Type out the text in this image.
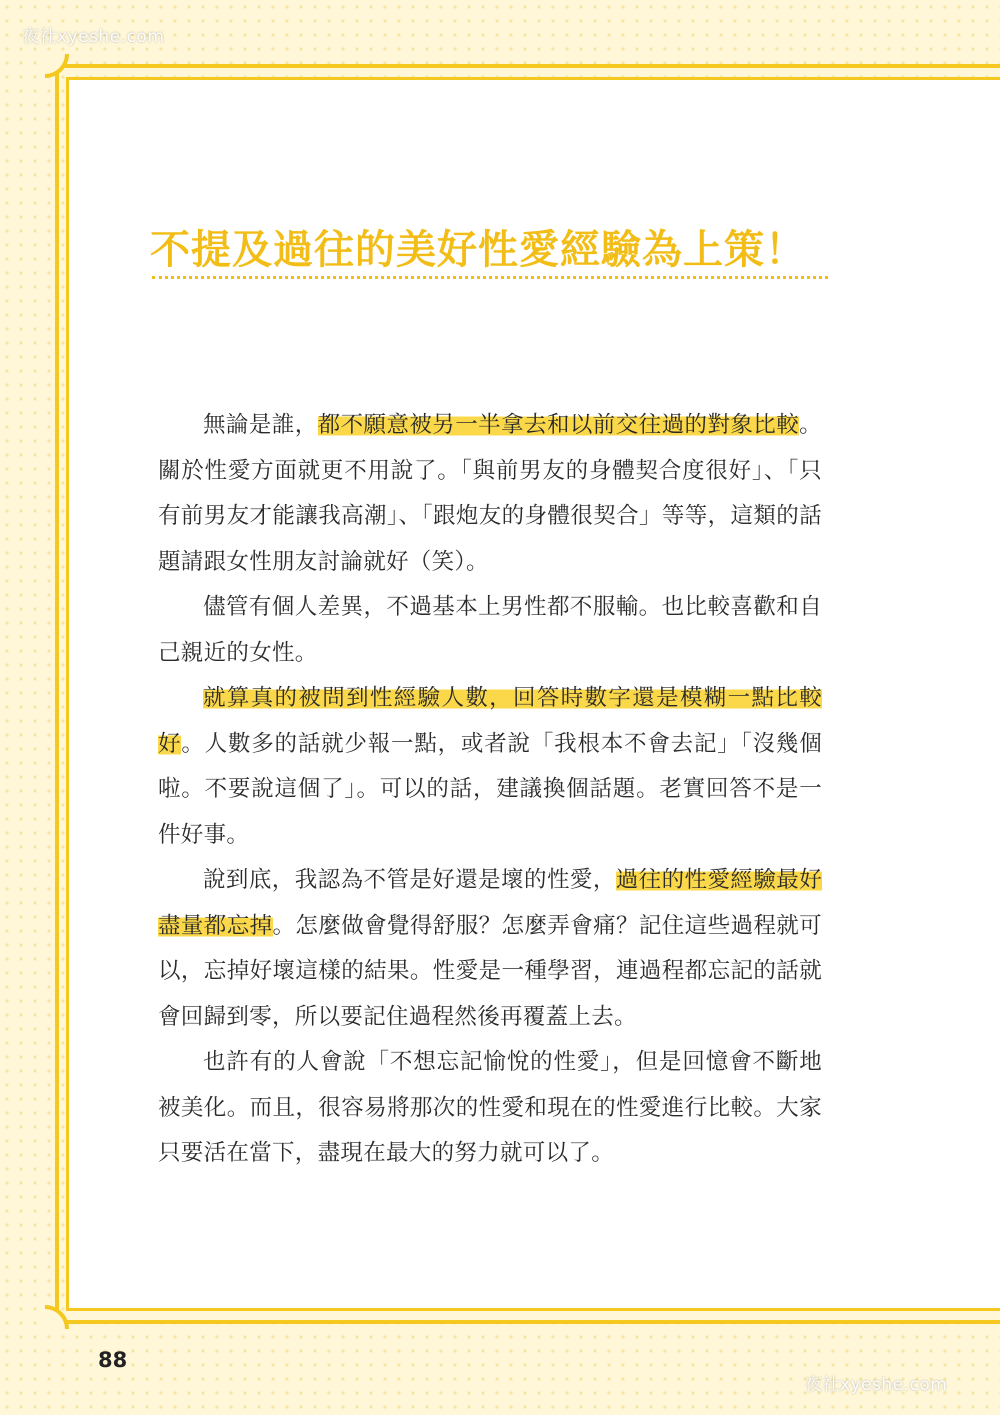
夜社xyeshe.com
夜社xyeshe.com
不提及過往的美好性愛經驗為上策！

無論是誰，都不願意被另一半拿去和以前交往過的對象比較。關於性愛方面就更不用說了。「與前男友的身體契合度很好」、「只有前男友才能讓我高潮」、「跟炮友的身體很契合」等等，這類的話題請跟女性朋友討論就好（笑）。

儘管有個人差異，不過基本上男性都不服輸。也比較喜歡和自己親近的女性。

就算真的被問到性經驗人數，回答時數字還是模糊一點比較好。人數多的話就少報一點，或者說「我根本不會去記」「沒幾個啦。不要說這個了」。可以的話，建議換個話題。老實回答不是一件好事。

說到底，我認為不管是好還是壞的性愛，過往的性愛經驗最好盡量都忘掉。怎麼做會覺得舒服？怎麼弄會痛？記住這些過程就可以，忘掉好壞這樣的結果。性愛是一種學習，連過程都忘記的話就會回歸到零，所以要記住過程然後再覆蓋上去。

也許有的人會說「不想忘記愉悅的性愛」，但是回憶會不斷地被美化。而且，很容易將那次的性愛和現在的性愛進行比較。大家只要活在當下，盡現在最大的努力就可以了。

88
